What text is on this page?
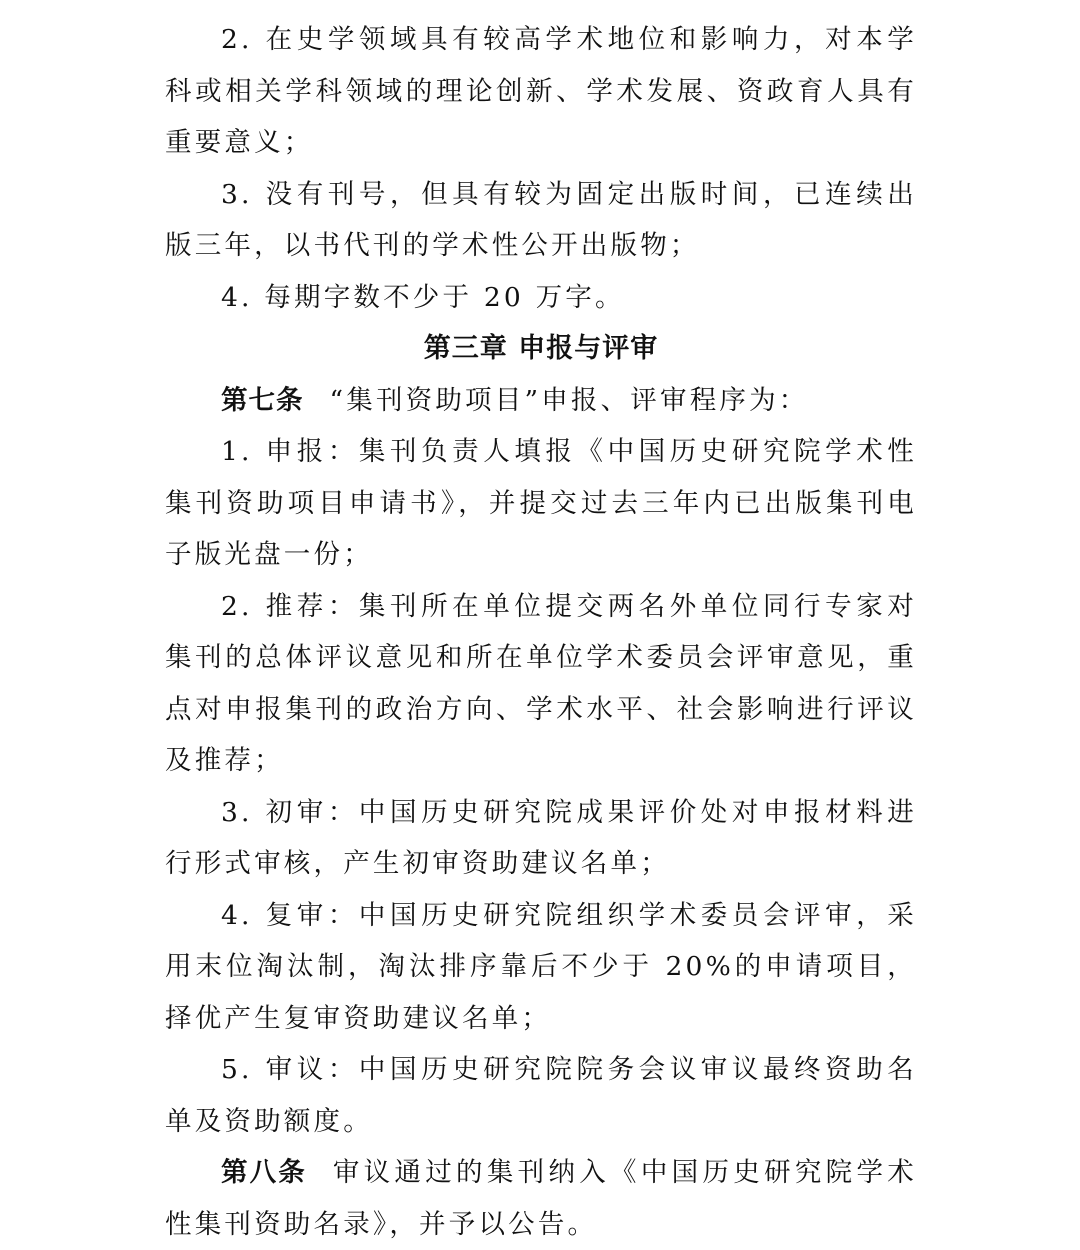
2. 在史学领域具有较高学术地位和影响力，对本学科或相关学科领域的理论创新、学术发展、资政育人具有重要意义；

3. 没有刊号，但具有较为固定出版时间，已连续出版三年，以书代刊的学术性公开出版物；

4. 每期字数不少于 20 万字。

第三章 申报与评审

第七条 “集刊资助项目”申报、评审程序为：

1. 申报：集刊负责人填报《中国历史研究院学术性集刊资助项目申请书》，并提交过去三年内已出版集刊电子版光盘一份；

2. 推荐：集刊所在单位提交两名外单位同行专家对集刊的总体评议意见和所在单位学术委员会评审意见，重点对申报集刊的政治方向、学术水平、社会影响进行评议及推荐；

3. 初审：中国历史研究院成果评价处对申报材料进行形式审核，产生初审资助建议名单；

4. 复审：中国历史研究院组织学术委员会评审，采用末位淘汰制，淘汰排序靠后不少于 20%的申请项目，择优产生复审资助建议名单；

5. 审议：中国历史研究院院务会议审议最终资助名单及资助额度。

第八条 审议通过的集刊纳入《中国历史研究院学术性集刊资助名录》，并予以公告。
